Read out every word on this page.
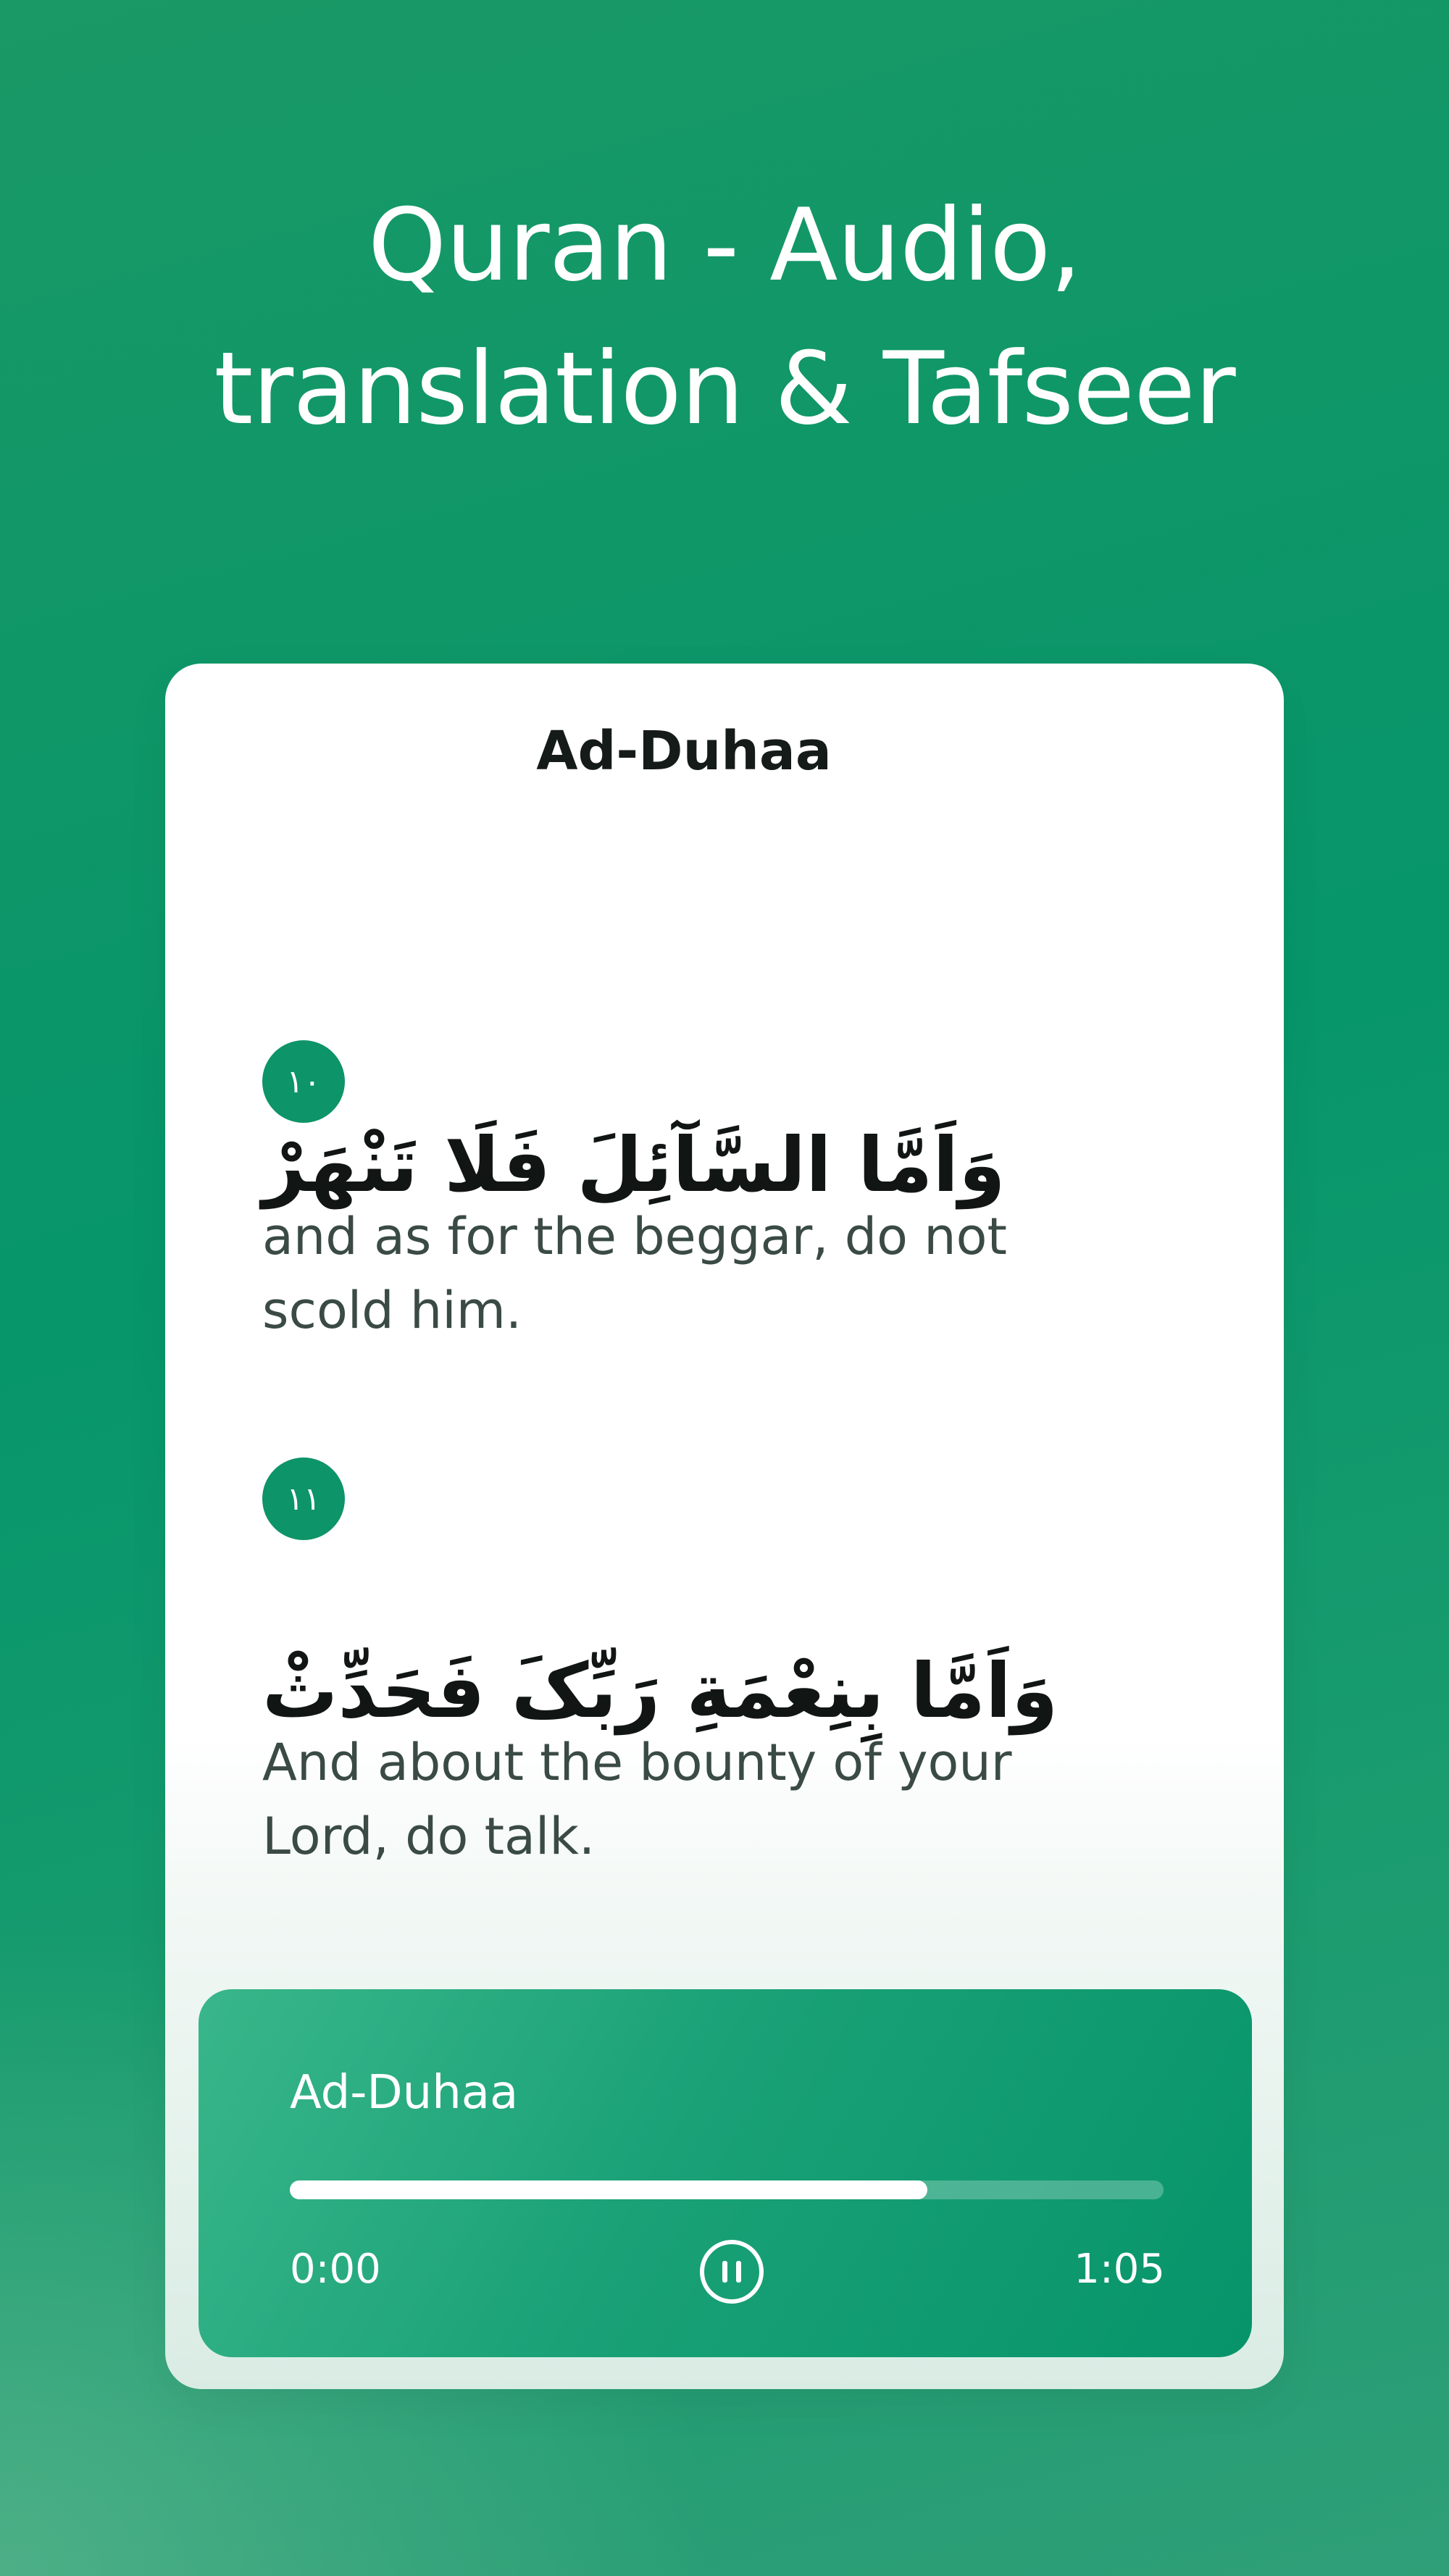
Quran - Audio,
translation & Tafseer
Ad-Duhaa
١٠
وَاَمَّا السَّآئِلَ فَلَا تَنْهَرْ
and as for the beggar, do not scold him.
١١
وَاَمَّا بِنِعْمَةِ رَبِّکَ فَحَدِّثْ
And about the bounty of your Lord, do talk.
Ad-Duhaa
0:00	1:05
